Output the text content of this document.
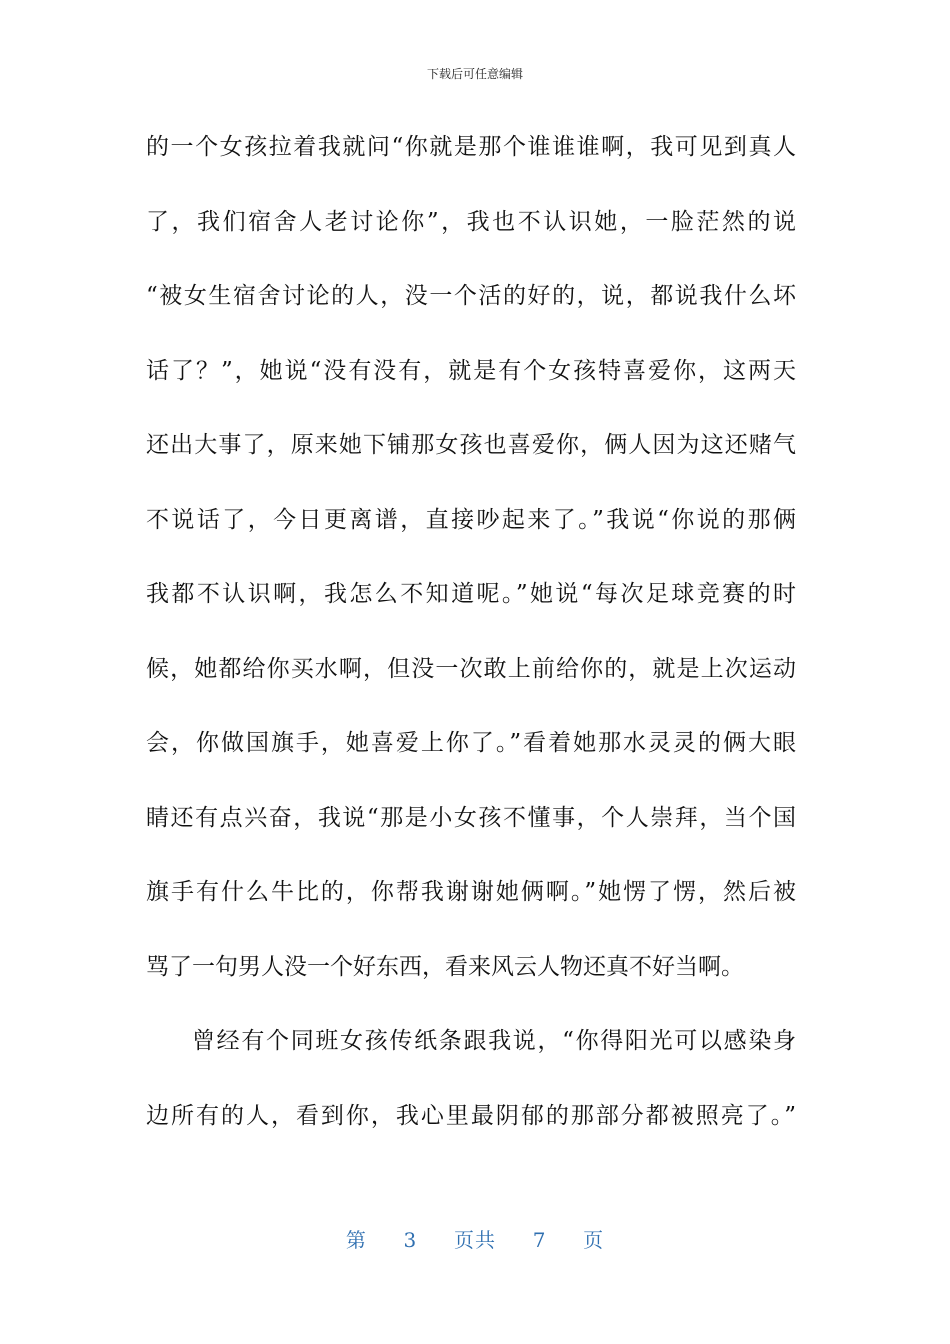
下载后可任意编辑
的一个女孩拉着我就问“你就是那个谁谁谁啊，我可见到真人
了，我们宿舍人老讨论你”，我也不认识她，一脸茫然的说
“被女生宿舍讨论的人，没一个活的好的，说，都说我什么坏
话了？”，她说“没有没有，就是有个女孩特喜爱你，这两天
还出大事了，原来她下铺那女孩也喜爱你，俩人因为这还赌气
不说话了，今日更离谱，直接吵起来了。”我说“你说的那俩
我都不认识啊，我怎么不知道呢。”她说“每次足球竞赛的时
候，她都给你买水啊，但没一次敢上前给你的，就是上次运动
会，你做国旗手，她喜爱上你了。”看着她那水灵灵的俩大眼
睛还有点兴奋，我说“那是小女孩不懂事，个人崇拜，当个国
旗手有什么牛比的，你帮我谢谢她俩啊。”她愣了愣，然后被
骂了一句男人没一个好东西，看来风云人物还真不好当啊。
曾经有个同班女孩传纸条跟我说，“你得阳光可以感染身
边所有的人，看到你，我心里最阴郁的那部分都被照亮了。”
第 3 页共 7 页
